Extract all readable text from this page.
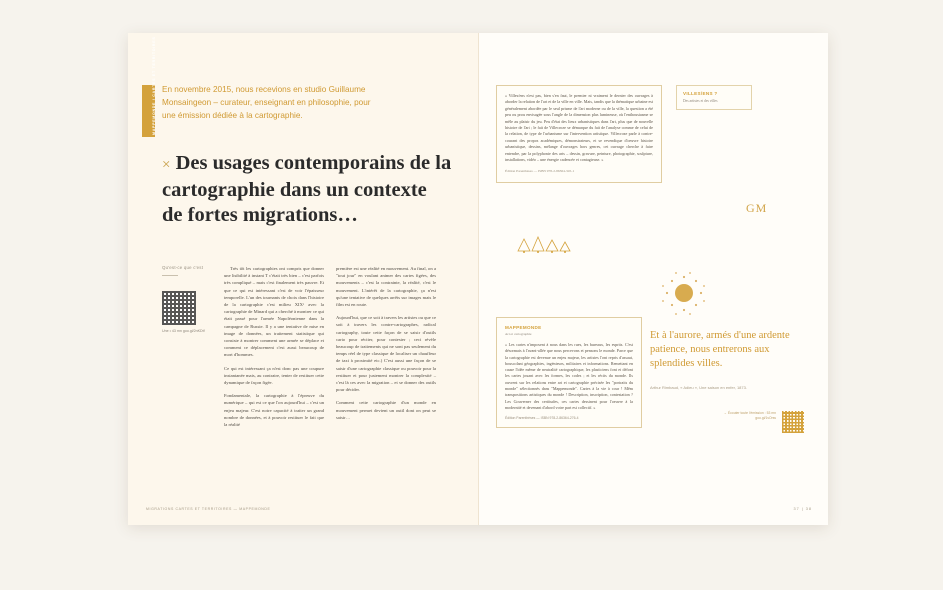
MAPPEMONDE / CARTES ET TERRITOIRES En novembre 2015, nous recevions en studio Guillaume Monsaingeon – curateur, enseignant en philosophie, pour une émission dédiée à la cartographie.
× Des usages contemporains de la cartographie dans un contexte de fortes migrations…
Qu'est-ce que c'est
Une • 43 mn goo.gl/2nKDtf

Très tôt les cartographies ont compris que donner une lisibilité à instant T c'était très bien – c'est parfois très compliqué – mais c'est finalement très pauvre. Et que ce qui est intéressant c'est de voir l'épaisseur temporelle. L'un des tournants de choix dans l'histoire de la cartographie c'est milieu XIXᵉ avec la cartographie de Minard qui a cherché à montrer ce qui était passé pour l'armée Napoléonienne dans la campagne de Russie. Il y a une tentative de mise en image de données, un traitement statistique qui consiste à montrer comment une armée se déplace et comment ce déplacement c'est aussi beaucoup de mort d'hommes.

Ce qui est intéressant ça n'est donc pas une coupure instantanée mais, au contraire, tenter de restituer cette dynamique de façon figée.

Fondamentale, la cartographie à l'épreuve du numérique – qui est ce que l'on aujourd'hui – c'est un enjeu majeur. C'est notre capacité à traiter un grand nombre de données, et à pouvoir restituer le fait que la réalité

première est une réalité en mouvement. Au final, on a "tout jour" en voulant animer des cartes figées, des mouvements – c'est la contrainte, la réalité, c'est le mouvement. L'intérêt de la cartographie, ça n'est qu'une tentative de quelques arrêts sur images mais le film est en route.

Aujourd'hui, que ce soit à travers les artistes ou que ce soit à travers les contre-cartographes, radical cartography, toute cette façon de se saisir d'outils carto pour réciter, pour contester ; ceci révèle beaucoup de traitements qui ne sont pas seulement du temps réel de type classique de localiser un chauffeur de taxi à proximité etc.) C'est aussi une façon de se saisir d'une cartographie classique ou pouvoir pour la restituer et pour justement montrer la complexité – c'est là ces avec la migration – et se donner des outils pour décider.

Comment cette cartographie d'un monde en mouvement permet devient un outil dont on peut se saisir…

MIGRATIONS CARTES ET TERRITOIRES — MAPPEMONDE
« Villes/ens n'est pas, bien s'en faut, le premier ni vraiment le dernier des ouvrages à aborder la relation de l'art et de la ville en ville. Mais, tandis que la thématique urbaine est généralement abordée par le seul prisme de l'art moderne ou de la ville, la question a été peu ou prou envisagée sous l'angle de la dimension plus lumineuse, où l'enthousiasme se mêle au plaisir du jeu. Peu d'état des lieux urbanistiques dans l'art, plus que de nouvelle histoire de l'art ; le fait de Villecroze se démarque du fait de l'analyse comme de celui de la relation, de type de l'urbanisme sur l'intervention artistique. Villecroze parle à contre-courant des propos académiques, démonstrateurs, et se revendique d'oeuvre histoire urbanistique, dessins, mélange d'ouvrages hors genres, cet ouvrage cherche à faire entendre, par la polyphonie des arts – dessin, gravure, peinture, photographie, sculpture, installations, vidéo – une énergie cadencée et contagieuse. »
Édition Parenthèses — ISBN 978-2-86364-345-1
VILLES/ENS ?
Des artistes et des villes
GM
MAPPEMONDE
Art et cartographie
« Les cartes n'imposent à nous dans les rues, les bureaux, les esprits. C'est désormais à l'avant-allée que nous percevons et pensons le monde. Parce que la cartographie est devenue un enjeu majeur, les artistes l'ont repris d'assaut, bouscolant géographies, ingénieurs, militaires et informations. Remettant en cause l'idée même de neutralité cartographique, les plasticiens font et défont les cartes jouant avec les formes, les codes ; et les récits du monde. Ils ouvrent sur les relations entre art et cartographie précisée les "portraits du monde" sélectionnés dans "Mappemonde". Cartes à la vie à cour ! Mêm transpositions artistiques du monde ! Description, inscription, contestation ? Les Gouverner des certitudes, ces cartes dessinent pour l'oeuvre à la modernité et devenant d'abord votre part est collectif. »
Édition Parenthèses — ISBN 978-2-86364-276-4
Et à l'aurore, armés d'une ardente patience, nous entrerons aux splendides villes.
Arthur Rimbaud, « Adieu », Une saison en enfer, 1873.
→ Écouter toute l'émission : 53 mn goo.gl/1vOnw
37 | 38
